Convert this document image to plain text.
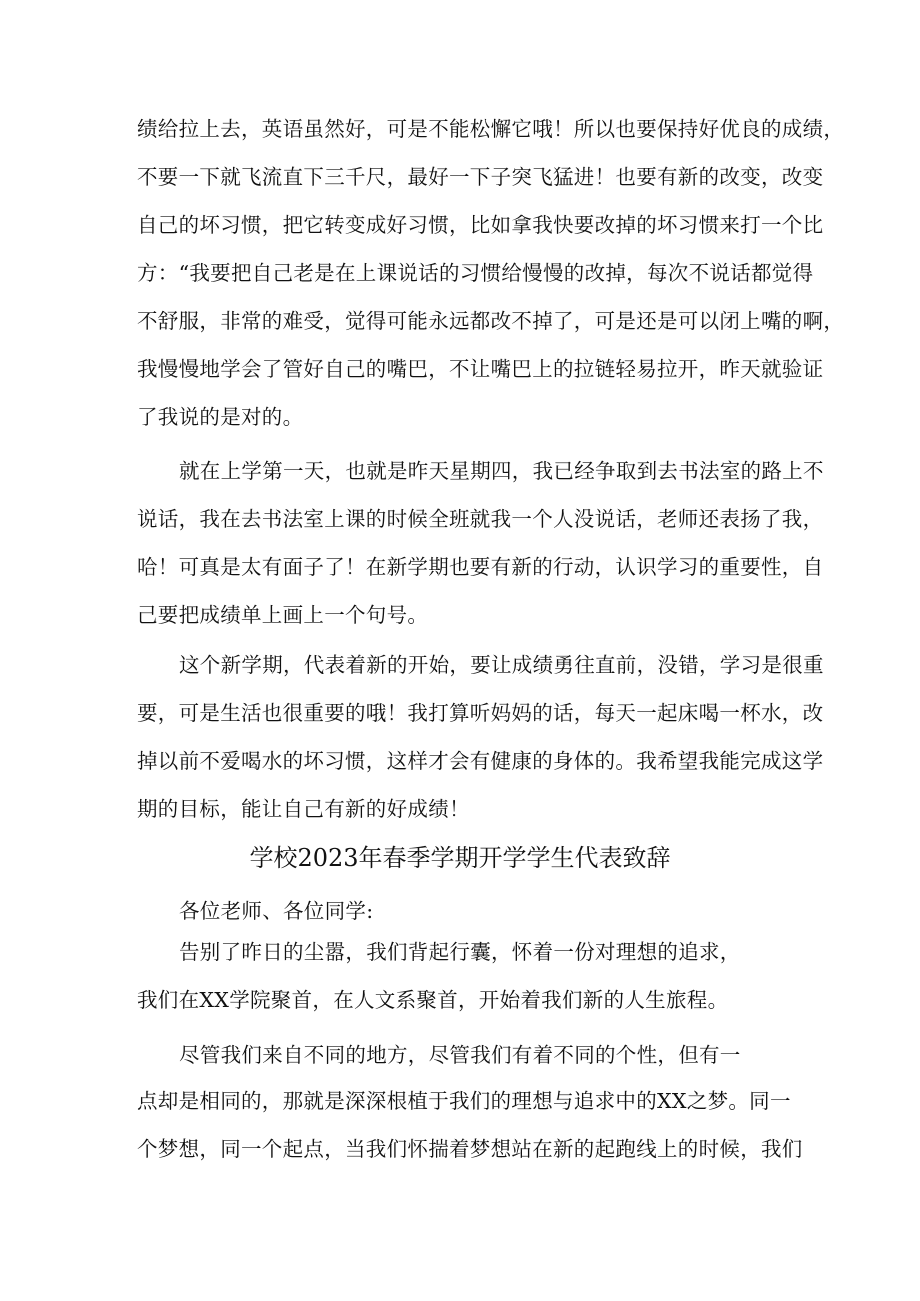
绩给拉上去，英语虽然好，可是不能松懈它哦！所以也要保持好优良的成绩，
不要一下就飞流直下三千尺，最好一下子突飞猛进！也要有新的改变，改变
自己的坏习惯，把它转变成好习惯，比如拿我快要改掉的坏习惯来打一个比
方：“我要把自己老是在上课说话的习惯给慢慢的改掉，每次不说话都觉得
不舒服，非常的难受，觉得可能永远都改不掉了，可是还是可以闭上嘴的啊，
我慢慢地学会了管好自己的嘴巴，不让嘴巴上的拉链轻易拉开，昨天就验证
了我说的是对的。
就在上学第一天，也就是昨天星期四，我已经争取到去书法室的路上不
说话，我在去书法室上课的时候全班就我一个人没说话，老师还表扬了我，
哈！可真是太有面子了！在新学期也要有新的行动，认识学习的重要性，自
己要把成绩单上画上一个句号。
这个新学期，代表着新的开始，要让成绩勇往直前，没错，学习是很重
要，可是生活也很重要的哦！我打算听妈妈的话，每天一起床喝一杯水，改
掉以前不爱喝水的坏习惯，这样才会有健康的身体的。我希望我能完成这学
期的目标，能让自己有新的好成绩！
学校2023年春季学期开学学生代表致辞
各位老师、各位同学:
告别了昨日的尘嚣，我们背起行囊，怀着一份对理想的追求，
我们在XX学院聚首，在人文系聚首，开始着我们新的人生旅程。
尽管我们来自不同的地方，尽管我们有着不同的个性，但有一
点却是相同的，那就是深深根植于我们的理想与追求中的XX之梦。同一
个梦想，同一个起点，当我们怀揣着梦想站在新的起跑线上的时候，我们
